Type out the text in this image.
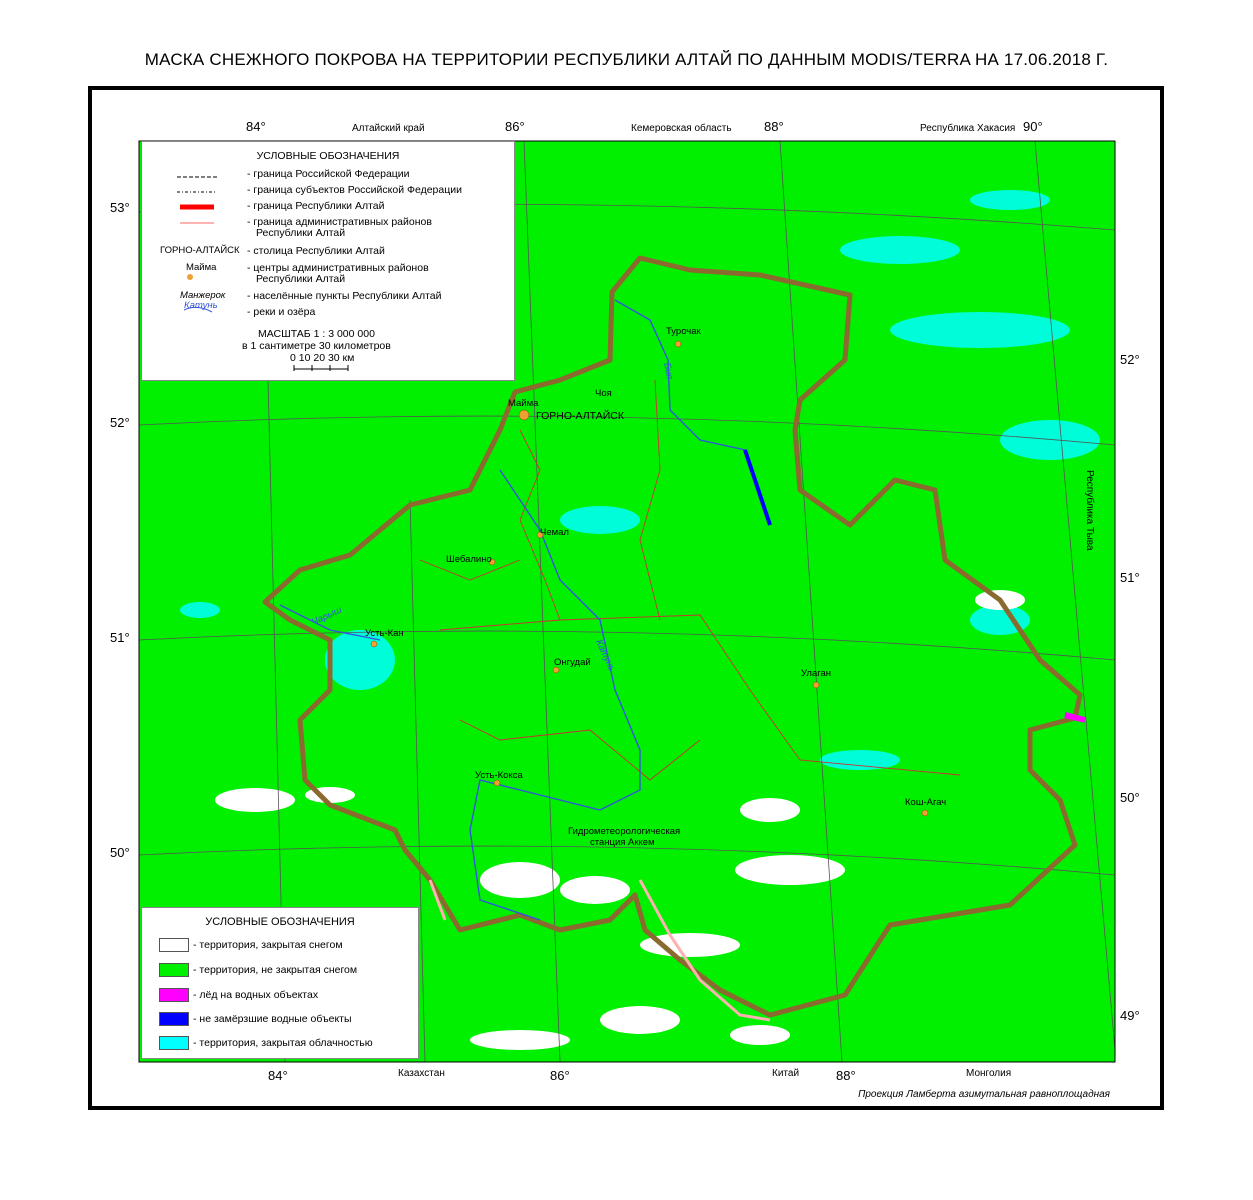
МАСКА СНЕЖНОГО ПОКРОВА НА ТЕРРИТОРИИ РЕСПУБЛИКИ АЛТАЙ ПО ДАННЫМ MODIS/TERRA НА 17.06.2018 Г.
Алтайский край	Кемеровская область	Республика Хакасия
Республика Тыва
Казахстан	Китай	Монголия
84°	86°	88°	90°
84°	86°	88°
53°
52°
51°
50°
52°
51°
50°
49°
Турочак
Чоя
Майма
ГОРНО-АЛТАЙСК
Чемал
Шебалино
Усть-Кан
Онгудай
Улаган
Усть-Кокса
Кош-Агач
Гидрометеорологическая
станция Аккем
Бия
Катунь
Чарыш
УСЛОВНЫЕ ОБОЗНАЧЕНИЯ
- граница Российской Федерации
- граница субъектов Российской Федерации
- граница Республики Алтай
- граница административных районов
Республики Алтай
- столица Республики Алтай
- центры административных районов
Республики Алтай
- населённые пункты Республики Алтай
- реки и озёра
ГОРНО-АЛТАЙСК
Майма
Манжерок
Катунь
МАСШТАБ 1 : 3 000 000
в 1 сантиметре 30 километров
0 10 20 30 км
УСЛОВНЫЕ ОБОЗНАЧЕНИЯ
- территория, закрытая снегом
- территория, не закрытая снегом
- лёд на водных объектах
- не замёрзшие водные объекты
- территория, закрытая облачностью
Проекция Ламберта азимутальная равноплощадная
